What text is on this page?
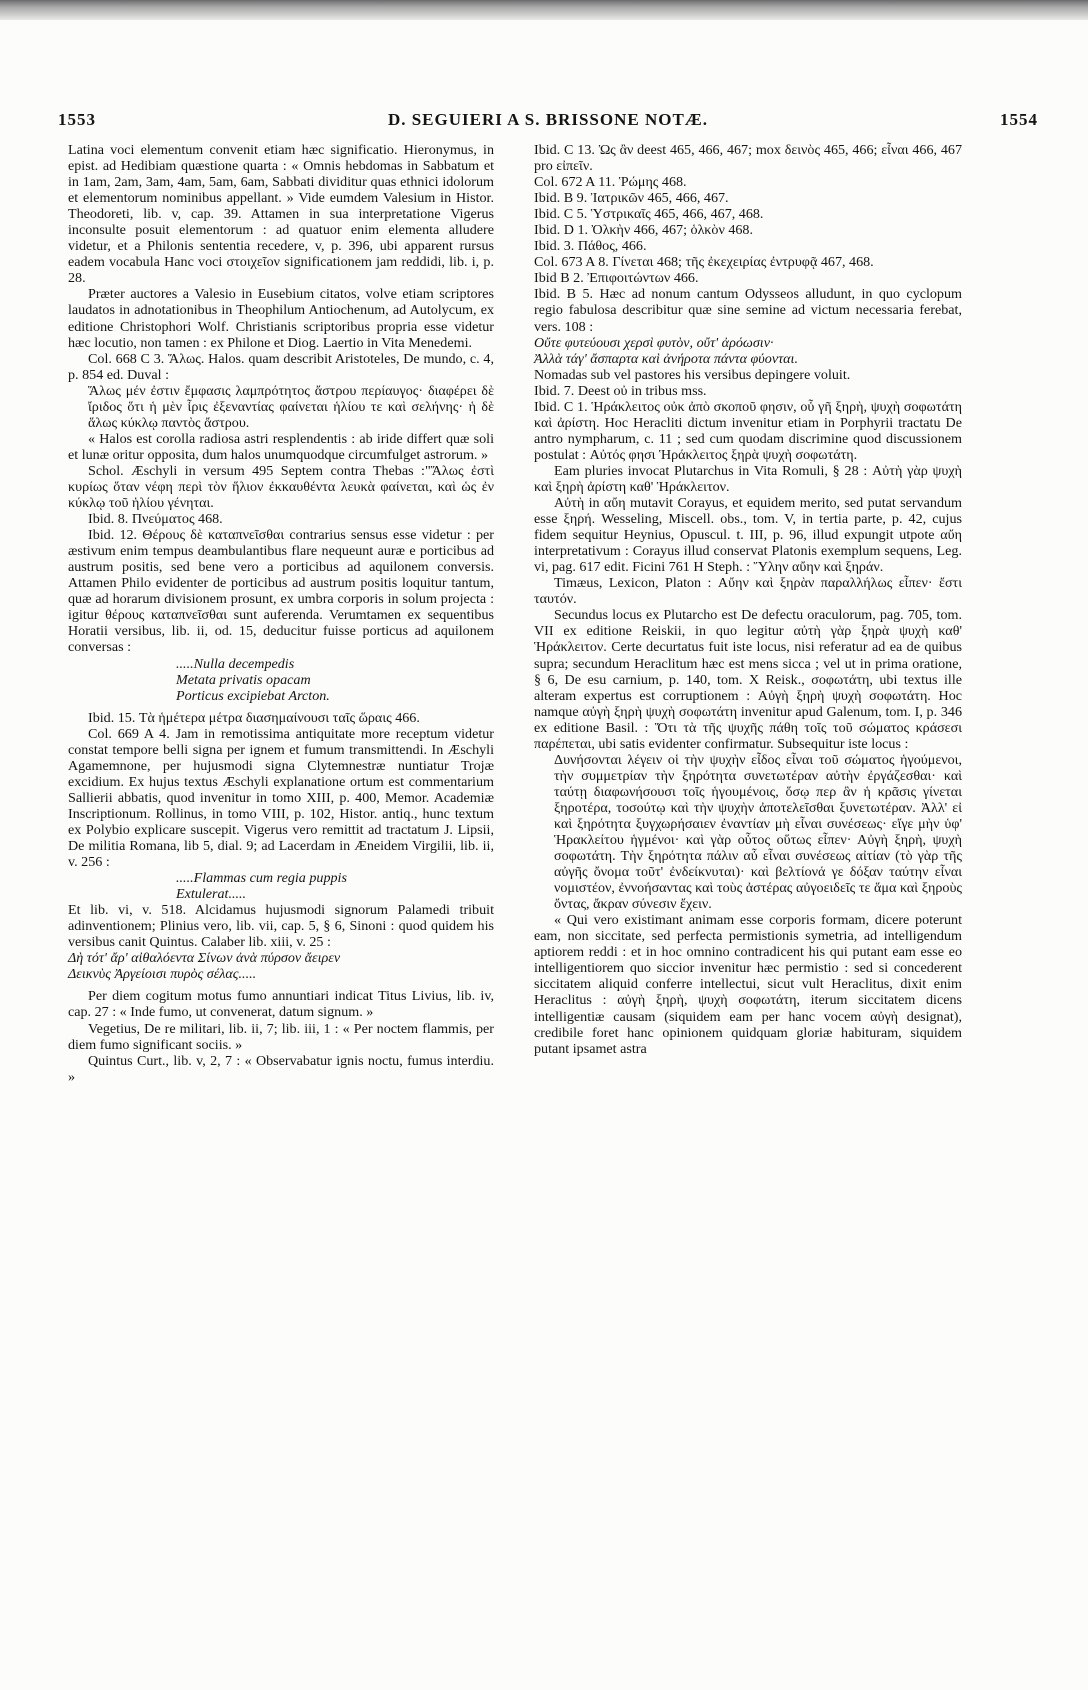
1553	D. SEGUIERI A S. BRISSONE NOTÆ.	1554

Latina voci elementum convenit etiam hæc significatio. Hieronymus, in epist. ad Hedibiam quæstione quarta : « Omnis hebdomas in Sabbatum et in 1am, 2am, 3am, 4am, 5am, 6am, Sabbati dividitur quas ethnici idolorum et elementorum nominibus appellant. » Vide eumdem Valesium in Histor. Theodoreti, lib. v, cap. 39. Attamen in sua interpretatione Vigerus inconsulte posuit elementorum : ad quatuor enim elementa alludere videtur, et a Philonis sententia recedere, v, p. 396, ubi apparent rursus eadem vocabula Hanc voci στοιχεῖον significationem jam reddidi, lib. i, p. 28.

Præter auctores a Valesio in Eusebium citatos, volve etiam scriptores laudatos in adnotationibus in Theophilum Antiochenum, ad Autolycum, ex editione Christophori Wolf. Christianis scriptoribus propria esse videtur hæc locutio, non tamen : ex Philone et Diog. Laertio in Vita Menedemi.

Col. 668 C 3. Ἅλως. Halos. quam describit Aristoteles, De mundo, c. 4, p. 854 ed. Duval :

Ἅλως μέν ἐστιν ἔμφασις λαμπρότητος ἄστρου περίαυγος· διαφέρει δὲ ἴριδος ὅτι ἡ μὲν ἶρις ἐξεναντίας φαίνεται ἡλίου τε καὶ σελήνης· ἡ δὲ ἅλως κύκλῳ παντὸς ἄστρου.

« Halos est corolla radiosa astri resplendentis : ab iride differt quæ soli et lunæ oritur opposita, dum halos unumquodque circumfulget astrorum. »

Schol. Æschyli in versum 495 Septem contra Thebas :"Ἅλως ἐστὶ κυρίως ὅταν νέφη περὶ τὸν ἥλιον ἐκκαυθέντα λευκὰ φαίνεται, καὶ ὡς ἐν κύκλῳ τοῦ ἡλίου γένηται.

Ibid. 8. Πνεύματος 468.

Ibid. 12. Θέρους δὲ καταπνεῖσθαι contrarius sensus esse videtur : per æstivum enim tempus deambulantibus flare nequeunt auræ e porticibus ad austrum positis, sed bene vero a porticibus ad aquilonem conversis. Attamen Philo evidenter de porticibus ad austrum positis loquitur tantum, quæ ad horarum divisionem prosunt, ex umbra corporis in solum projecta : igitur θέρους καταπνεῖσθαι sunt auferenda. Verumtamen ex sequentibus Horatii versibus, lib. ii, od. 15, deducitur fuisse porticus ad aquilonem conversas :

.....Nulla decempedis

Metata privatis opacam

Porticus excipiebat Arcton.

Ibid. 15. Τὰ ἡμέτερα μέτρα διασημαίνουσι ταῖς ὥραις 466.

Col. 669 A 4. Jam in remotissima antiquitate more receptum videtur constat tempore belli signa per ignem et fumum transmittendi. In Æschyli Agamemnone, per hujusmodi signa Clytemnestræ nuntiatur Trojæ excidium. Ex hujus textus Æschyli explanatione ortum est commentarium Sallierii abbatis, quod invenitur in tomo XIII, p. 400, Memor. Academiæ Inscriptionum. Rollinus, in tomo VIII, p. 102, Histor. antiq., hunc textum ex Polybio explicare suscepit. Vigerus vero remittit ad tractatum J. Lipsii, De militia Romana, lib 5, dial. 9; ad Lacerdam in Æneidem Virgilii, lib. ii, v. 256 :

.....Flammas cum regia puppis

Extulerat.....

Et lib. vi, v. 518. Alcidamus hujusmodi signorum Palamedi tribuit adinventionem; Plinius vero, lib. vii, cap. 5, § 6, Sinoni : quod quidem his versibus canit Quintus. Calaber lib. xiii, v. 25 :

Δὴ τότ' ἄρ' αἰθαλόεντα Σίνων ἀνὰ πύρσον ἄειρεν

Δεικνὺς Ἀργείοισι πυρὸς σέλας.....

Per diem cogitum motus fumo annuntiari indicat Titus Livius, lib. iv, cap. 27 : « Inde fumo, ut convenerat, datum signum. »

Vegetius, De re militari, lib. ii, 7; lib. iii, 1 : « Per noctem flammis, per diem fumo significant sociis. »

Quintus Curt., lib. v, 2, 7 : « Observabatur ignis noctu, fumus interdiu. »

Ibid. C 13. Ὡς ἂν deest 465, 466, 467; mox δεινὸς 465, 466; εἶναι 466, 467 pro εἰπεῖν.

Col. 672 A 11. Ῥώμης 468.

Ibid. B 9. Ἰατρικῶν 465, 466, 467.

Ibid. C 5. Ὑστρικαῖς 465, 466, 467, 468.

Ibid. D 1. Ὀλκὴν 466, 467; ὁλκὸν 468.

Ibid. 3. Πάθος, 466.

Col. 673 A 8. Γίνεται 468; τῆς ἐκεχειρίας ἐντρυφᾷ 467, 468.

Ibid B 2. Ἐπιφοιτώντων 466.

Ibid. B 5. Hæc ad nonum cantum Odysseos alludunt, in quo cyclopum regio fabulosa describitur quæ sine semine ad victum necessaria ferebat, vers. 108 :

Οὔτε φυτεύουσι χερσὶ φυτὸν, οὔτ' ἀρόωσιν·

Ἀλλὰ τάγ' ἄσπαρτα καὶ ἀνήροτα πάντα φύονται.

Nomadas sub vel pastores his versibus depingere voluit.

Ibid. 7. Deest οὐ in tribus mss.

Ibid. C 1. Ἡράκλειτος οὐκ ἀπὸ σκοποῦ φησιν, οὗ γῆ ξηρὴ, ψυχὴ σοφωτάτη καὶ ἀρίστη. Hoc Heracliti dictum invenitur etiam in Porphyrii tractatu De antro nympharum, c. 11 ; sed cum quodam discrimine quod discussionem postulat : Αὐτός φησι Ἡράκλειτος ξηρὰ ψυχὴ σοφωτάτη.

Eam pluries invocat Plutarchus in Vita Romuli, § 28 : Αὐτὴ γὰρ ψυχὴ καὶ ξηρὴ ἀρίστη καθ' Ἡράκλειτον.

Αὐτὴ in αὔη mutavit Corayus, et equidem merito, sed putat servandum esse ξηρή. Wesseling, Miscell. obs., tom. V, in tertia parte, p. 42, cujus fidem sequitur Heynius, Opuscul. t. III, p. 96, illud expungit utpote αὔη interpretativum : Corayus illud conservat Platonis exemplum sequens, Leg. vi, pag. 617 edit. Ficini 761 H Steph. : Ὕλην αὔην καὶ ξηράν.

Timæus, Lexicon, Platon : Αὔην καὶ ξηρὰν παραλλήλως εἶπεν· ἔστι ταυτόν.

Secundus locus ex Plutarcho est De defectu oraculorum, pag. 705, tom. VII ex editione Reiskii, in quo legitur αὐτὴ γὰρ ξηρὰ ψυχὴ καθ' Ἡράκλειτον. Certe decurtatus fuit iste locus, nisi referatur ad ea de quibus supra; secundum Heraclitum hæc est mens sicca ; vel ut in prima oratione, § 6, De esu carnium, p. 140, tom. X Reisk., σοφωτάτη, ubi textus ille alteram expertus est corruptionem : Αὐγὴ ξηρὴ ψυχὴ σοφωτάτη. Hoc namque αὐγὴ ξηρὴ ψυχὴ σοφωτάτη invenitur apud Galenum, tom. I, p. 346 ex editione Basil. : Ὅτι τὰ τῆς ψυχῆς πάθη τοῖς τοῦ σώματος κράσεσι παρέπεται, ubi satis evidenter confirmatur. Subsequitur iste locus :

Δυνήσονται λέγειν οἱ τὴν ψυχὴν εἶδος εἶναι τοῦ σώματος ἡγούμενοι, τὴν συμμετρίαν τὴν ξηρότητα συνετωτέραν αὐτὴν ἐργάζεσθαι· καὶ ταύτῃ διαφωνήσουσι τοῖς ἡγουμένοις, ὅσῳ περ ἂν ἡ κρᾶσις γίνεται ξηροτέρα, τοσούτῳ καὶ τὴν ψυχὴν ἀποτελεῖσθαι ξυνετωτέραν. Ἀλλ' εἰ καὶ ξηρότητα ξυγχωρήσαιεν ἐναντίαν μὴ εἶναι συνέσεως· εἴγε μὴν ὑφ' Ἡρακλείτου ἡγμένοι· καὶ γὰρ οὗτος οὕτως εἶπεν· Αὐγὴ ξηρὴ, ψυχὴ σοφωτάτη. Τὴν ξηρότητα πάλιν αὖ εἶναι συνέσεως αἰτίαν (τὸ γὰρ τῆς αὐγῆς ὄνομα τοῦτ' ἐνδείκνυται)· καὶ βελτίονά γε δόξαν ταύτην εἶναι νομιστέον, ἐννοήσαντας καὶ τοὺς ἀστέρας αὐγοειδεῖς τε ἅμα καὶ ξηροὺς ὄντας, ἄκραν σύνεσιν ἔχειν.

« Qui vero existimant animam esse corporis formam, dicere poterunt eam, non siccitate, sed perfecta permistionis symetria, ad intelligendum aptiorem reddi : et in hoc omnino contradicent his qui putant eam esse eo intelligentiorem quo siccior invenitur hæc permistio : sed si concederent siccitatem aliquid conferre intellectui, sicut vult Heraclitus, dixit enim Heraclitus : αὐγὴ ξηρὴ, ψυχὴ σοφωτάτη, iterum siccitatem dicens intelligentiæ causam (siquidem eam per hanc vocem αὐγὴ designat), credibile foret hanc opinionem quidquam gloriæ habituram, siquidem putant ipsamet astra
